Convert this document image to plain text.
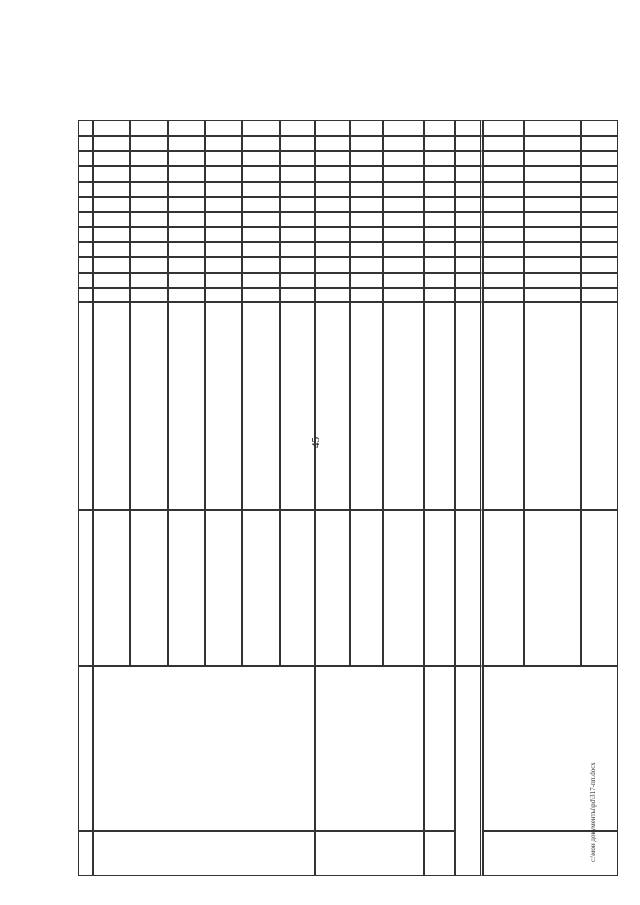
45
c:\мои документы\рd\317-пп.docx
